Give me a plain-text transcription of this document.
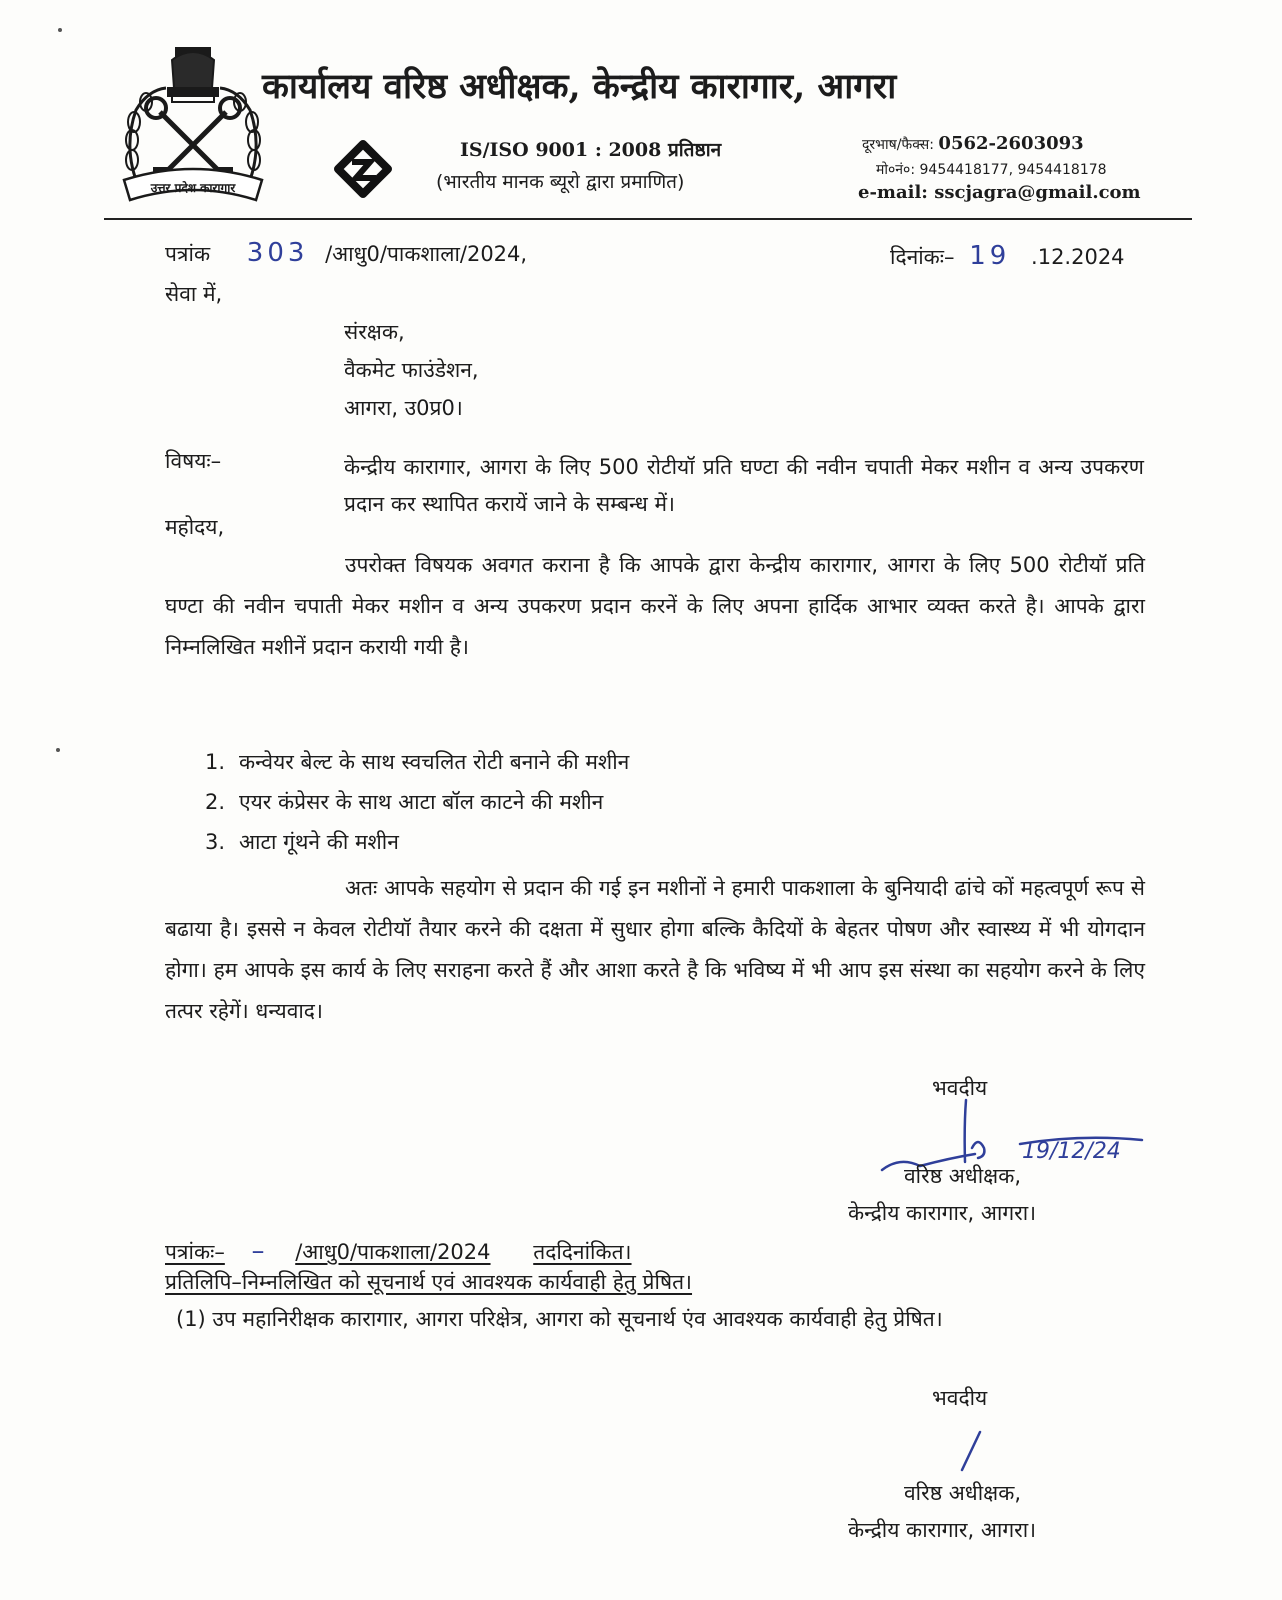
उत्तर प्रदेश कारागार
कार्यालय वरिष्ठ अधीक्षक, केन्द्रीय कारागार, आगरा
IS/ISO 9001 : 2008 प्रतिष्ठान
(भारतीय मानक ब्यूरो द्वारा प्रमाणित)
दूरभाष/फैक्स: 0562-2603093
मो०नं०: 9454418177, 9454418178
e-mail: sscjagra@gmail.com
पत्रांक 303 /आधु0/पाकशाला/2024,	दिनांकः– 19 .12.2024
सेवा में,
संरक्षक,
वैकमेट फाउंडेशन,
आगरा, उ0प्र0।
विषयः–	केन्द्रीय कारागार, आगरा के लिए 500 रोटीयॉ प्रति घण्टा की नवीन चपाती मेकर मशीन व अन्य उपकरण प्रदान कर स्थापित करायें जाने के सम्बन्ध में।
महोदय,

उपरोक्त विषयक अवगत कराना है कि आपके द्वारा केन्द्रीय कारागार, आगरा के लिए 500 रोटीयॉ प्रति घण्टा की नवीन चपाती मेकर मशीन व अन्य उपकरण प्रदान करनें के लिए अपना हार्दिक आभार व्यक्त करते है। आपके द्वारा निम्नलिखित मशीनें प्रदान करायी गयी है।

1. कन्वेयर बेल्ट के साथ स्वचलित रोटी बनाने की मशीन
2. एयर कंप्रेसर के साथ आटा बॉल काटने की मशीन
3. आटा गूंथने की मशीन

अतः आपके सहयोग से प्रदान की गई इन मशीनों ने हमारी पाकशाला के बुनियादी ढांचे कों महत्वपूर्ण रूप से बढाया है। इससे न केवल रोटीयॉ तैयार करने की दक्षता में सुधार होगा बल्कि कैदियों के बेहतर पोषण और स्वास्थ्य में भी योगदान होगा। हम आपके इस कार्य के लिए सराहना करते हैं और आशा करते है कि भविष्य में भी आप इस संस्था का सहयोग करने के लिए तत्पर रहेगें। धन्यवाद।

भवदीय
19/12/24
वरिष्ठ अधीक्षक,
केन्द्रीय कारागार, आगरा।
पत्रांकः– – /आधु0/पाकशाला/2024 तददिनांकित।
प्रतिलिपि–निम्नलिखित को सूचनार्थ एवं आवश्यक कार्यवाही हेतु प्रेषित।
(1) उप महानिरीक्षक कारागार, आगरा परिक्षेत्र, आगरा को सूचनार्थ एंव आवश्यक कार्यवाही हेतु प्रेषित।
भवदीय
वरिष्ठ अधीक्षक,
केन्द्रीय कारागार, आगरा।
